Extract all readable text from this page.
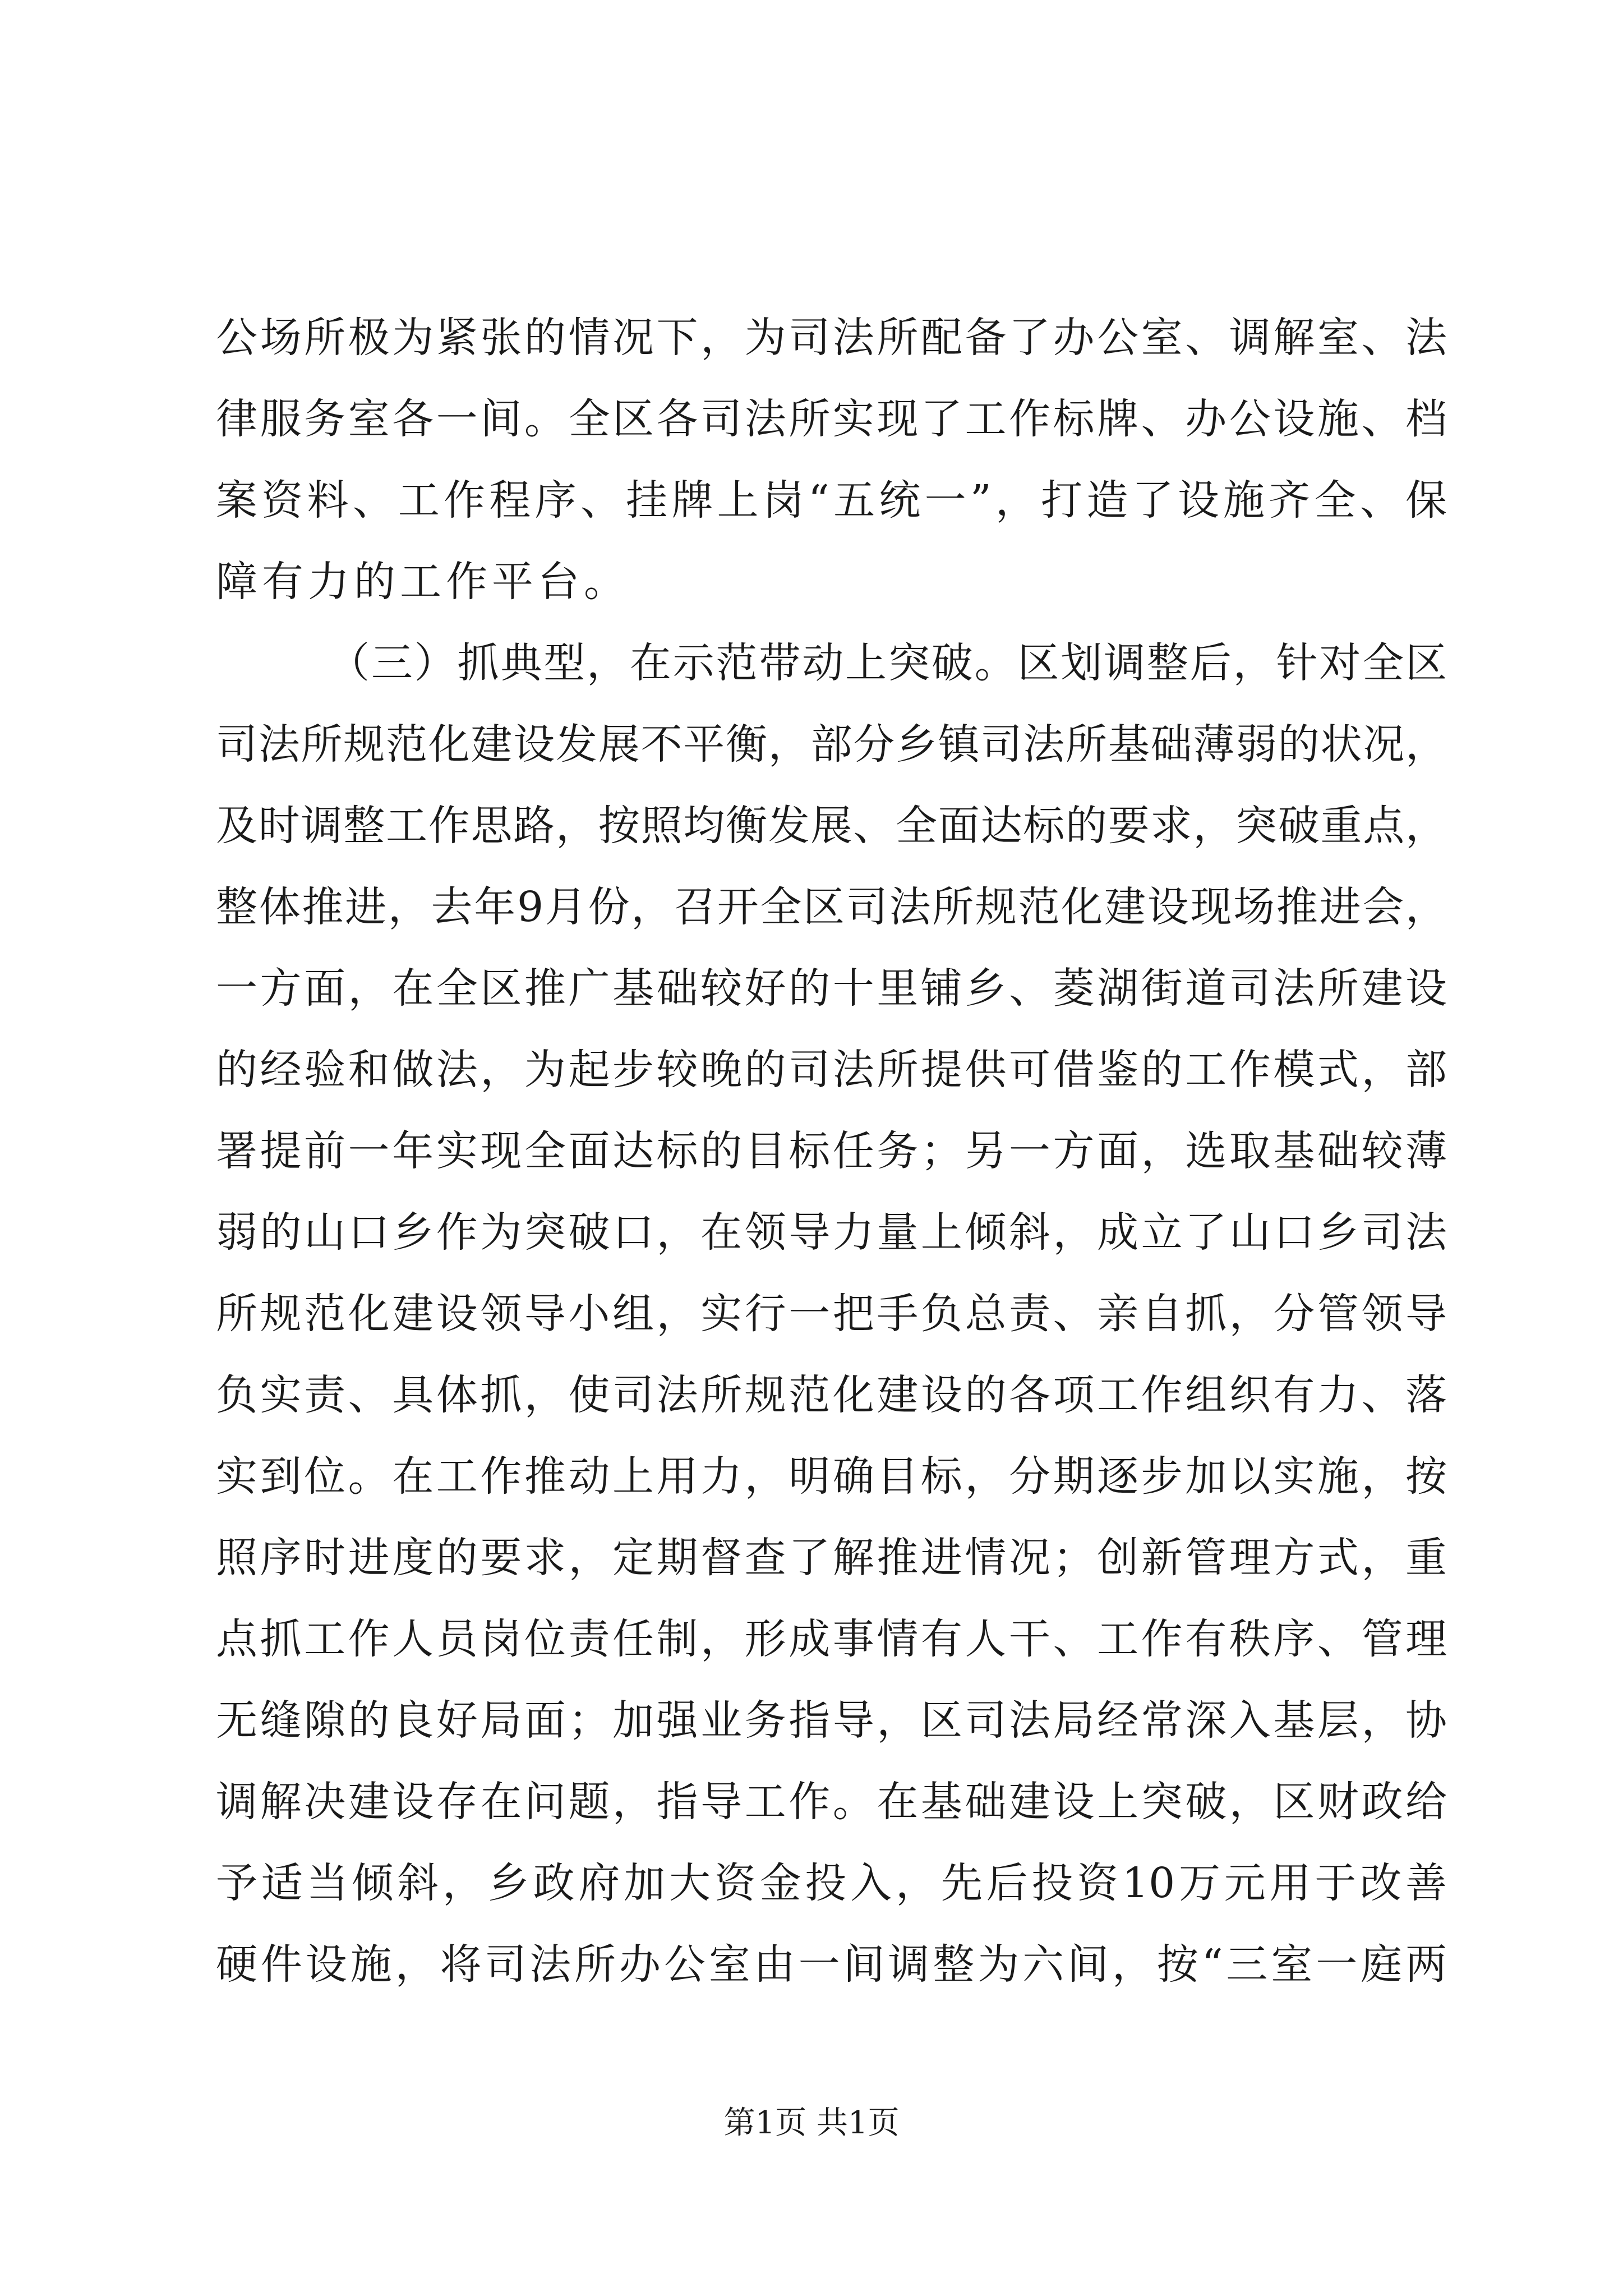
公场所极为紧张的情况下，为司法所配备了办公室、调解室、法
律服务室各一间。全区各司法所实现了工作标牌、办公设施、档
案资料、工作程序、挂牌上岗“五统一”，打造了设施齐全、保
障有力的工作平台。
（三）抓典型，在示范带动上突破。区划调整后，针对全区
司法所规范化建设发展不平衡，部分乡镇司法所基础薄弱的状况，
及时调整工作思路，按照均衡发展、全面达标的要求，突破重点，
整体推进，去年9月份，召开全区司法所规范化建设现场推进会，
一方面，在全区推广基础较好的十里铺乡、菱湖街道司法所建设
的经验和做法，为起步较晚的司法所提供可借鉴的工作模式，部
署提前一年实现全面达标的目标任务；另一方面，选取基础较薄
弱的山口乡作为突破口，在领导力量上倾斜，成立了山口乡司法
所规范化建设领导小组，实行一把手负总责、亲自抓，分管领导
负实责、具体抓，使司法所规范化建设的各项工作组织有力、落
实到位。在工作推动上用力，明确目标，分期逐步加以实施，按
照序时进度的要求，定期督查了解推进情况；创新管理方式，重
点抓工作人员岗位责任制，形成事情有人干、工作有秩序、管理
无缝隙的良好局面；加强业务指导，区司法局经常深入基层，协
调解决建设存在问题，指导工作。在基础建设上突破，区财政给
予适当倾斜，乡政府加大资金投入，先后投资10万元用于改善
硬件设施，将司法所办公室由一间调整为六间，按“三室一庭两
第1页 共1页
